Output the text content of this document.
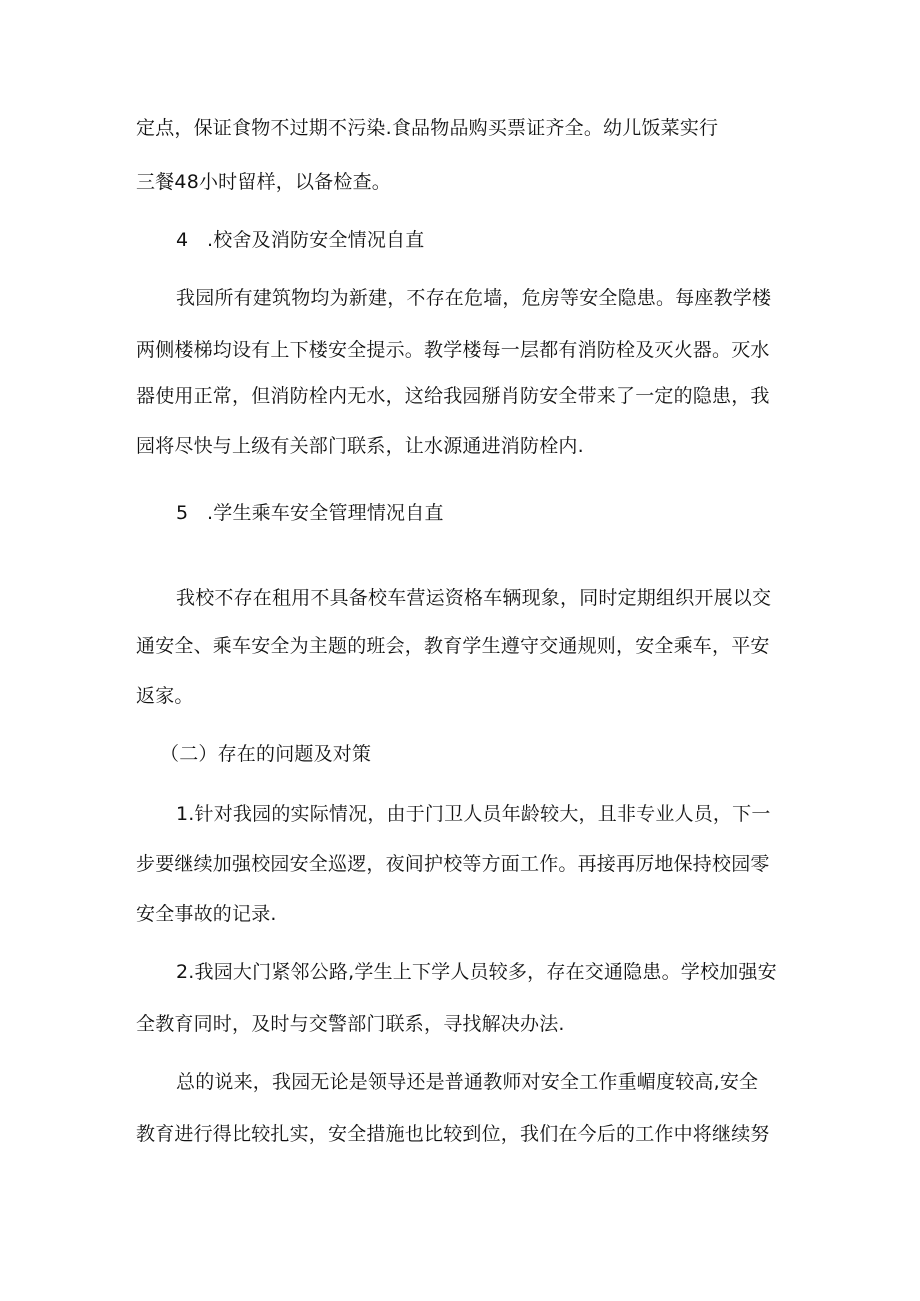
定点，保证食物不过期不污染.食品物品购买票证齐全。幼儿饭菜实行
三餐48小时留样，以备检查。
4   .校舍及消防安全情况自直
我园所有建筑物均为新建，不存在危墙，危房等安全隐患。每座教学楼
两侧楼梯均设有上下楼安全提示。教学楼每一层都有消防栓及灭火器。灭水
器使用正常，但消防栓内无水，这给我园掰肖防安全带来了一定的隐患，我
园将尽快与上级有关部门联系，让水源通进消防栓内.
5   .学生乘车安全管理情况自直
我校不存在租用不具备校车营运资格车辆现象，同时定期组织开展以交
通安全、乘车安全为主题的班会，教育学生遵守交通规则，安全乘车，平安
返家。
（二）存在的问题及对策
1.针对我园的实际情况，由于门卫人员年龄较大，且非专业人员，下一
步要继续加强校园安全巡逻，夜间护校等方面工作。再接再厉地保持校园零
安全事故的记录.
2.我园大门紧邻公路,学生上下学人员较多，存在交通隐患。学校加强安
全教育同时，及时与交警部门联系，寻找解决办法.
总的说来，我园无论是领导还是普通教师对安全工作重嵋度较高,安全
教育进行得比较扎实，安全措施也比较到位，我们在今后的工作中将继续努
